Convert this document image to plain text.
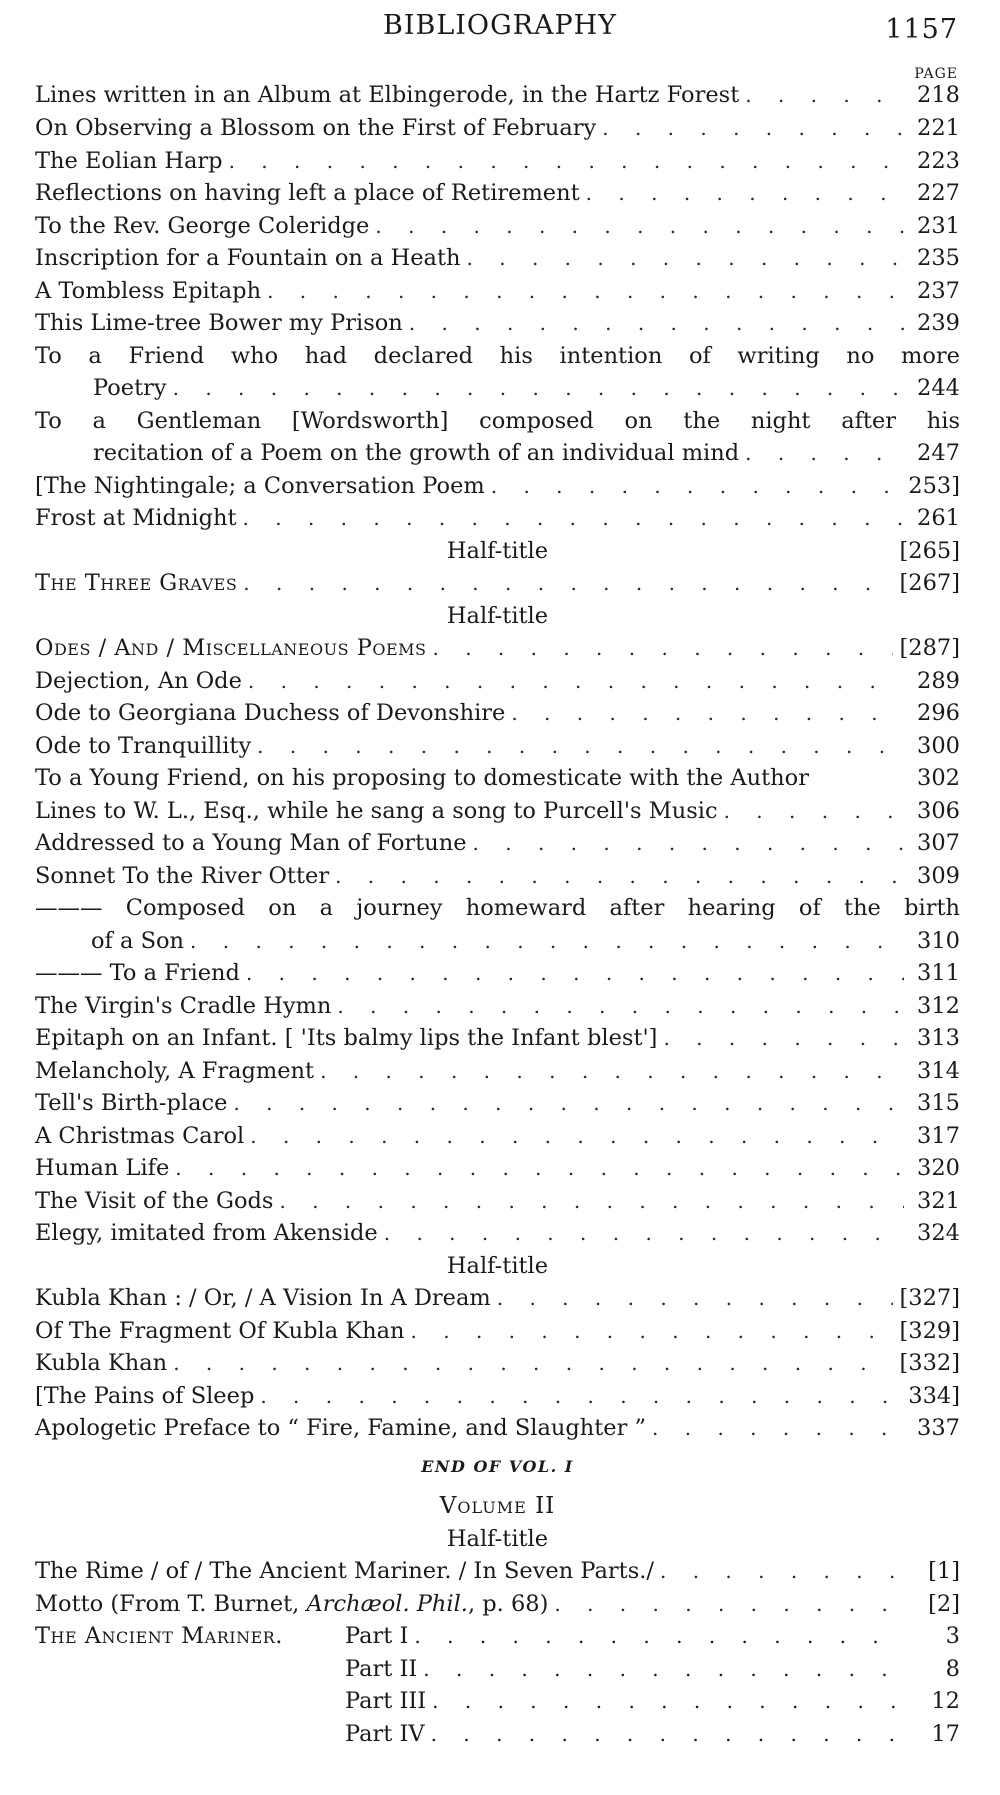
BIBLIOGRAPHY	1157
PAGE
Lines written in an Album at Elbingerode, in the Hartz Forest . . .	218
On Observing a Blossom on the First of February . . .	221
The Eolian Harp . . .	223
Reflections on having left a place of Retirement . . .	227
To the Rev. George Coleridge . . .	231
Inscription for a Fountain on a Heath . . .	235
A Tombless Epitaph . . .	237
This Lime-tree Bower my Prison . . .	239
To a Friend who had declared his intention of writing no more
Poetry . . .	244
To a Gentleman [Wordsworth] composed on the night after his
recitation of a Poem on the growth of an individual mind . . .	247
[The Nightingale; a Conversation Poem . . .	253]
Frost at Midnight . . .	261
Half-title	[265]
The Three Graves . . .	[267]
Half-title
Odes / And / Miscellaneous Poems . . .	[287]
Dejection, An Ode . . .	289
Ode to Georgiana Duchess of Devonshire . . .	296
Ode to Tranquillity . . .	300
To a Young Friend, on his proposing to domesticate with the Author	302
Lines to W. L., Esq., while he sang a song to Purcell's Music . . .	306
Addressed to a Young Man of Fortune . . .	307
Sonnet To the River Otter . . .	309
——— Composed on a journey homeward after hearing of the birth
of a Son . . .	310
——— To a Friend . . .	311
The Virgin's Cradle Hymn . . .	312
Epitaph on an Infant. [ 'Its balmy lips the Infant blest'] . . .	313
Melancholy, A Fragment . . .	314
Tell's Birth-place . . .	315
A Christmas Carol . . .	317
Human Life . . .	320
The Visit of the Gods . . .	321
Elegy, imitated from Akenside . . .	324
Half-title
Kubla Khan : / Or, / A Vision In A Dream . . .	[327]
Of The Fragment Of Kubla Khan . . .	[329]
Kubla Khan . . .	[332]
[The Pains of Sleep . . .	334]
Apologetic Preface to “ Fire, Famine, and Slaughter ” . . .	337
END OF VOL. I
Volume II
Half-title
The Rime / of / The Ancient Mariner. / In Seven Parts./ . . .	[1]
Motto (From T. Burnet, Archæol. Phil., p. 68) . . .	[2]
The Ancient Mariner.	Part I . . .	3
Part II . . .	8
Part III . . .	12
Part IV . . .	17
